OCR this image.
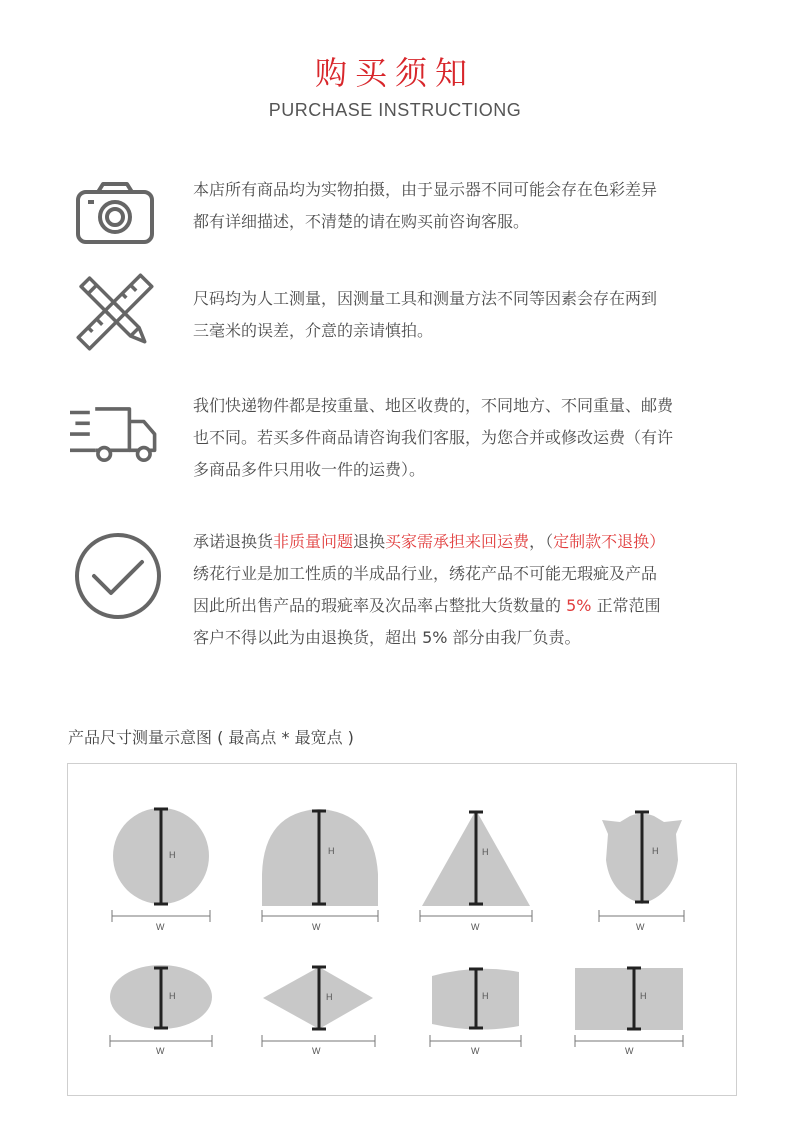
购买须知
PURCHASE INSTRUCTIONG

本店所有商品均为实物拍摄，由于显示器不同可能会存在色彩差异

都有详细描述，不清楚的请在购买前咨询客服。

尺码均为人工测量，因测量工具和测量方法不同等因素会存在两到

三毫米的误差，介意的亲请慎拍。

我们快递物件都是按重量、地区收费的，不同地方、不同重量、邮费

也不同。若买多件商品请咨询我们客服，为您合并或修改运费（有许

多商品多件只用收一件的运费）。

承诺退换货非质量问题退换买家需承担来回运费，（定制款不退换）

绣花行业是加工性质的半成品行业，绣花产品不可能无瑕疵及产品

因此所出售产品的瑕疵率及次品率占整批大货数量的 5% 正常范围

客户不得以此为由退换货，超出 5% 部分由我厂负责。

产品尺寸测量示意图 ( 最高点 * 最宽点 )
H
W
H
W
H
W
H
W
H
W
H
W
H
W
H
W
